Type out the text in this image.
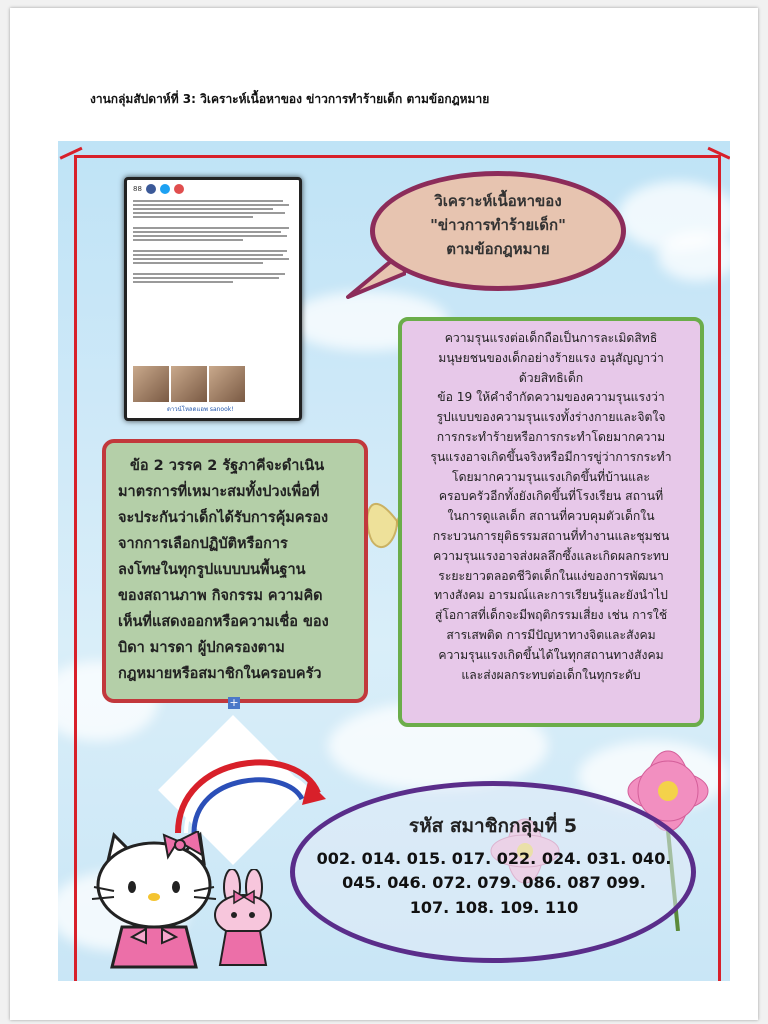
งานกลุ่มสัปดาห์ที่ 3: วิเคราะห์เนื้อหาของ ข่าวการทำร้ายเด็ก ตามข้อกฎหมาย
88
ดาวน์โหลดแอพ sanook!
วิเคราะห์เนื้อหาของ
"ข่าวการทำร้ายเด็ก"
ตามข้อกฎหมาย
ความรุนแรงต่อเด็กถือเป็นการละเมิดสิทธิ
มนุษยชนของเด็กอย่างร้ายแรง อนุสัญญาว่า
ด้วยสิทธิเด็ก
ข้อ 19 ให้คำจำกัดความของความรุนแรงว่า
รูปแบบของความรุนแรงทั้งร่างกายและจิตใจ
การกระทำร้ายหรือการกระทำโดยมากความ
รุนแรงอาจเกิดขึ้นจริงหรือมีการขู่ว่าการกระทำ
โดยมากความรุนแรงเกิดขึ้นที่บ้านและ
ครอบครัวอีกทั้งยังเกิดขึ้นที่โรงเรียน สถานที่
ในการดูแลเด็ก สถานที่ควบคุมตัวเด็กใน
กระบวนการยุติธรรมสถานที่ทำงานและชุมชน
ความรุนแรงอาจส่งผลลึกซึ้งและเกิดผลกระทบ
ระยะยาวตลอดชีวิตเด็กในแง่ของการพัฒนา
ทางสังคม อารมณ์และการเรียนรู้และยังนำไป
สู่โอกาสที่เด็กจะมีพฤติกรรมเสี่ยง เช่น การใช้
สารเสพติด การมีปัญหาทางจิตและสังคม
ความรุนแรงเกิดขึ้นได้ในทุกสถานทางสังคม
และส่งผลกระทบต่อเด็กในทุกระดับ
ข้อ 2 วรรค 2 รัฐภาคีจะดำเนิน
มาตรการที่เหมาะสมทั้งปวงเพื่อที่
จะประกันว่าเด็กได้รับการคุ้มครอง
จากการเลือกปฏิบัติหรือการ
ลงโทษในทุกรูปแบบบนพื้นฐาน
ของสถานภาพ กิจกรรม ความคิด
เห็นที่แสดงออกหรือความเชื่อ ของ
บิดา มารดา ผู้ปกครองตาม
กฎหมายหรือสมาชิกในครอบครัว
+
รหัส สมาชิกกลุ่มที่ 5
002. 014. 015. 017. 022. 024. 031. 040.
045. 046. 072. 079. 086. 087 099.
107. 108. 109. 110
